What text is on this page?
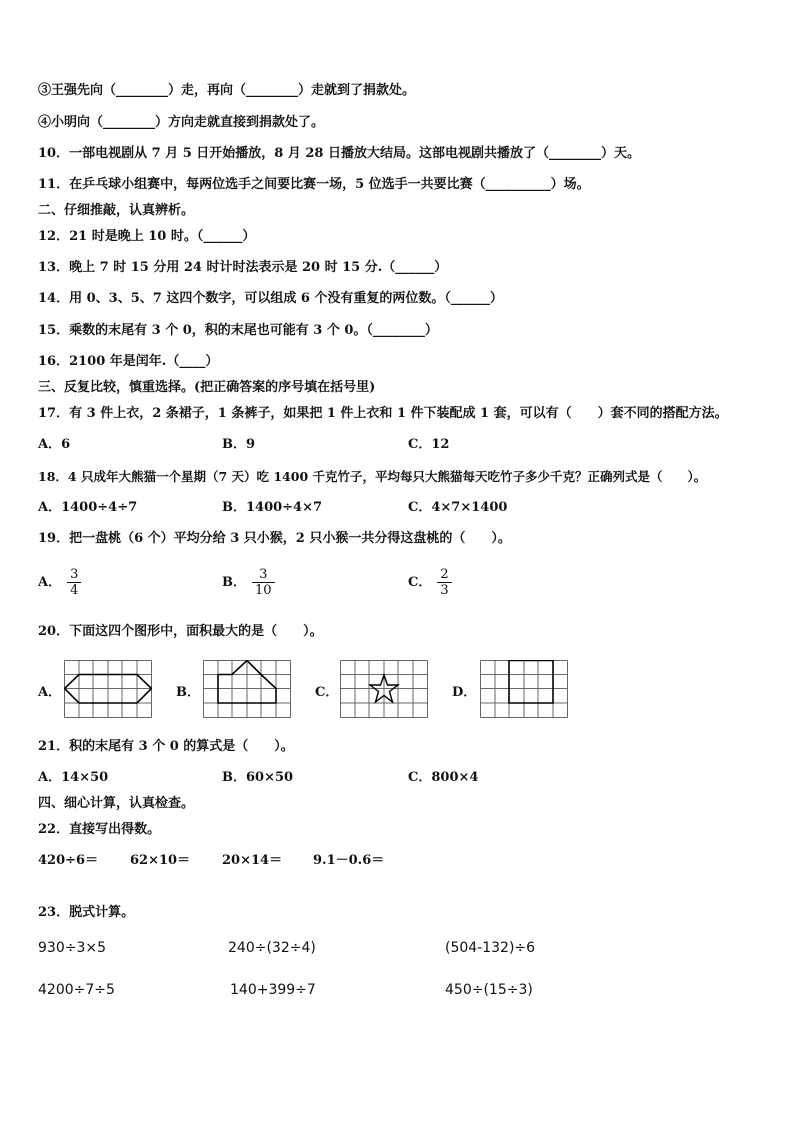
③王强先向（________）走，再向（________）走就到了捐款处。
④小明向（________）方向走就直接到捐款处了。
10．一部电视剧从 7 月 5 日开始播放，8 月 28 日播放大结局。这部电视剧共播放了（________）天。
11．在乒乓球小组赛中，每两位选手之间要比赛一场，5 位选手一共要比赛（__________）场。
二、仔细推敲，认真辨析。
12．21 时是晚上 10 时。（______）
13．晚上 7 时 15 分用 24 时计时法表示是 20 时 15 分.（______）
14．用 0、3、5、7 这四个数字，可以组成 6 个没有重复的两位数。（______）
15．乘数的末尾有 3 个 0，积的末尾也可能有 3 个 0。（________）
16．2100 年是闰年.（____）
三、反复比较，慎重选择。(把正确答案的序号填在括号里)
17．有 3 件上衣，2 条裙子，1 条裤子，如果把 1 件上衣和 1 件下装配成 1 套，可以有（　　）套不同的搭配方法。
A．6	B．9	C．12
18．4 只成年大熊猫一个星期（7 天）吃 1400 千克竹子，平均每只大熊猫每天吃竹子多少千克？正确列式是（　　）。
A．1400÷4÷7	B．1400÷4×7	C．4×7×1400
19．把一盘桃（6 个）平均分给 3 只小猴，2 只小猴一共分得这盘桃的（　　）。
A． $\frac{3}{4}$	B． $\frac{3}{10}$	C． $\frac{2}{3}$
20．下面这四个图形中，面积最大的是（　　）。
A．	B．	C．	D．
21．积的末尾有 3 个 0 的算式是（　　）。
A．14×50	B．60×50	C．800×4
四、细心计算，认真检查。
22．直接写出得数。
420÷6＝ 62×10＝ 20×14＝ 9.1－0.6＝
23．脱式计算。
930÷3×5	240÷(32÷4)	(504-132)÷6
4200÷7÷5	140+399÷7	450÷(15÷3)
